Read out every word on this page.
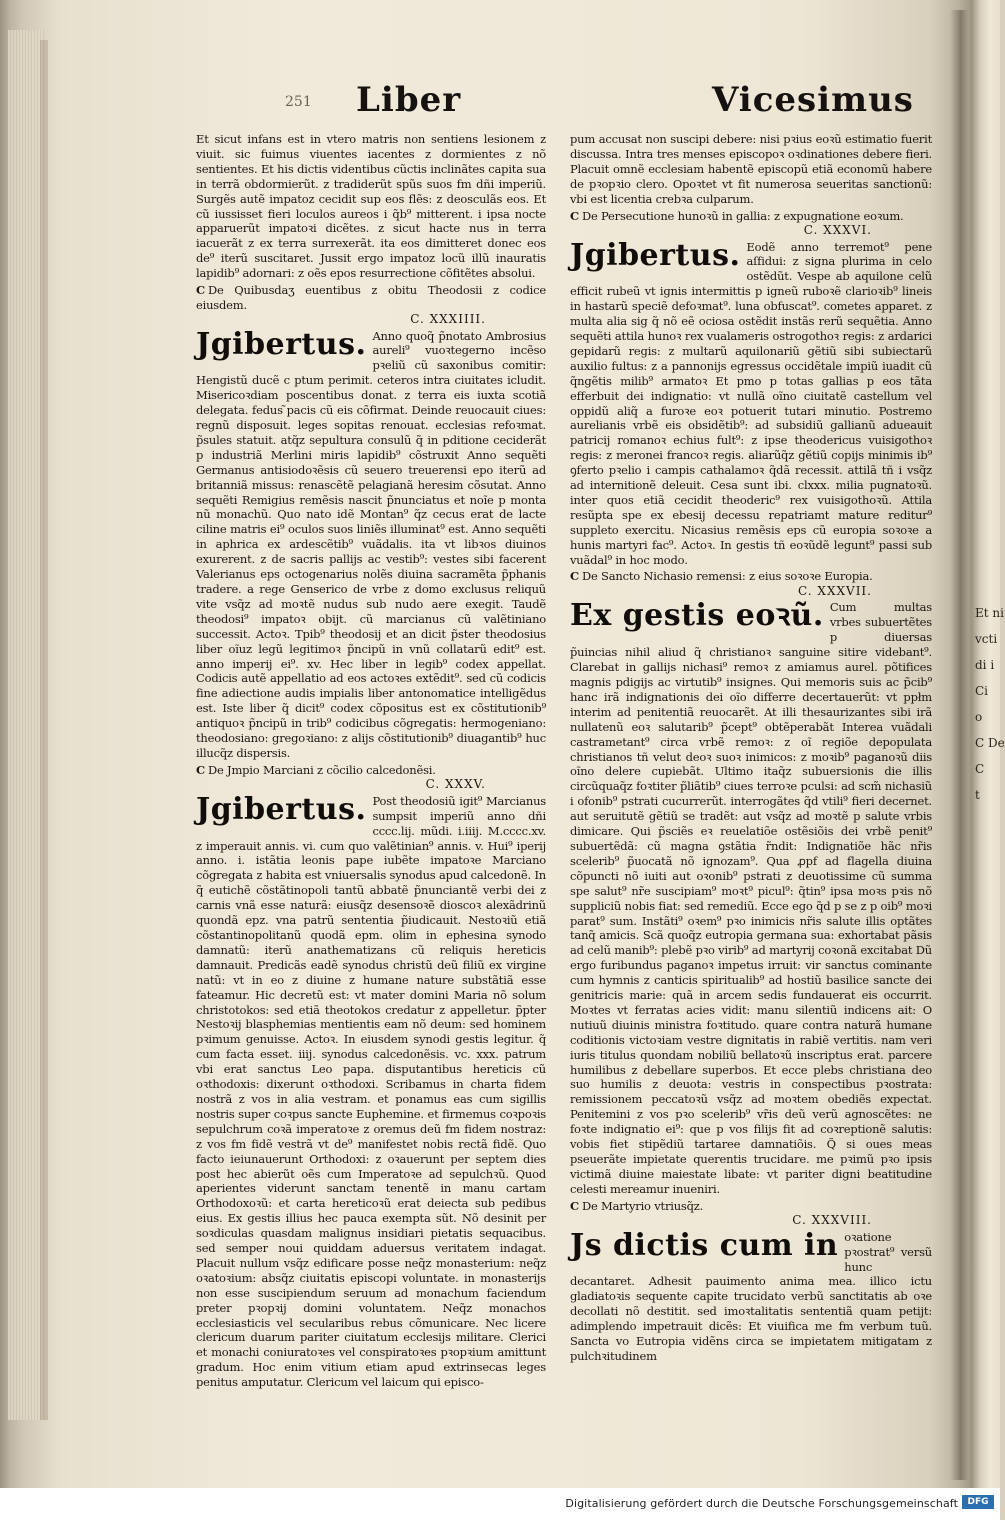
Et ni
vcti
di i
Ci
o
C De
C
t
251 Liber	Vicesimus

Et sicut infans est in vtero matris non sentiens lesionem z viuit. sic fuimus viuentes iacentes z dormientes z nõ sentientes. Et his dictis videntibus cũctis inclinãtes capita sua in terrã obdormierũt. z tradiderũt spũs suos fm dñi imperiũ. Surgẽs autẽ impatoz cecidit sup eos flẽs: z deosculãs eos. Et cũ iussisset fieri loculos aureos i q̃b⁹ mitterent. i ipsa nocte apparuerũt impatoꝛi dicẽtes. z sicut hacte nus in terra iacuerãt z ex terra surrexerãt. ita eos dimitteret donec eos de⁹ iterũ suscitaret. Jussit ergo impatoz locũ illũ inauratis lapidib⁹ adornari: z oẽs epos resurrectione cõfitẽtes absolui.

C De Quibusdaʒ euentibus z obitu Theodosii z codice eiusdem.
C. XXXIIII.
Jgibertus. Anno quoq̃ p̃notato Ambrosius aureli⁹ vuoꝛtegerno incẽso pꝛeliũ cũ saxonibus comitir: Hengistũ ducẽ c ptum perimit. ceteros intra ciuitates icludit. Misericoꝛdiam poscentibus donat. z terra eis iuxta scotiã delegata. fedus ̃pacis cũ eis cõfirmat. Deinde reuocauit ciues: regnũ disposuit. leges sopitas renouat. ecclesias refoꝛmat. p̃sules statuit. atq̃z sepultura consulũ q̃ in pditione ceciderãt p industriã Merlini miris lapidib⁹ cõstruxit Anno sequẽti Germanus antisiodoꝛẽsis cũ seuero treuerensi epo iterũ ad britanniã missus: renascẽtẽ pelagianã heresim cõsutat. Anno sequẽti Remigius remẽsis nascit p̃nunciatus et noĩe p monta nũ monachũ. Quo nato idẽ Montan⁹ q̃z cecus erat de lacte ciline matris ei⁹ oculos suos liniẽs illuminat⁹ est. Anno sequẽti in aphrica ex ardescẽtib⁹ vuãdalis. ita vt libꝛos diuinos exurerent. z de sacris pallijs ac vestib⁹: vestes sibi facerent Valerianus eps octogenarius nolẽs diuina sacramẽta p̃phanis tradere. a rege Genserico de vrbe z domo exclusus reliquũ vite vsq̃z ad moꝛtẽ nudus sub nudo aere exegit. Taudẽ theodosi⁹ impatoꝛ obijt. cũ marcianus cũ valẽtiniano successit. Actoꝛ. Tpib⁹ theodosij et an dicit p̃ster theodosius liber oĩuz legũ legitimoꝛ p̃ncipũ in vnũ collatarũ edit⁹ est. anno imperij ei⁹. xv. Hec liber in legib⁹ codex appellat. Codicis autẽ appellatio ad eos actoꝛes extẽdit⁹. sed cũ codicis fine adiectione audis impialis liber antonomatice intelligẽdus est. Iste liber q̃ dicit⁹ codex cõpositus est ex cõstitutionib⁹ antiquoꝛ p̃ncipũ in trib⁹ codicibus cõgregatis: hermogeniano: theodosiano: gregoꝛiano: z alijs cõstitutionib⁹ diuagantib⁹ huc illucq̃z dispersis.

C De Jmpio Marciani z cõcilio calcedonẽsi.
C. XXXV.
Jgibertus. Post theodosiũ igit⁹ Marcianus sumpsit imperiũ anno dñi cccc.lij. mũdi. i.iiij. M.cccc.xv. z imperauit annis. vi. cum quo valẽtinian⁹ annis. v. Hui⁹ iperij anno. i. istãtia leonis pape iubẽte impatoꝛe Marciano cõgregata z habita est vniuersalis synodus apud calcedonẽ. In q̃ eutichẽ cõstãtinopoli tantũ abbatẽ p̃nunciantẽ verbi dei z carnis vnã esse naturã: eiusq̃z desensoꝛẽ dioscoꝛ alexãdrinũ quondã epz. vna patrũ sententia p̃iudicauit. Nestoꝛiũ etiã cõstantinopolitanũ quodã epm. olim in ephesina synodo damnatũ: iterũ anathematizans cũ reliquis hereticis damnauit. Predicãs eadẽ synodus christũ deũ filiũ ex virgine natũ: vt in eo z diuine z humane nature substãtiã esse fateamur. Hic decretũ est: vt mater domini Maria nõ solum christotokos: sed etiã theotokos credatur z appelletur. p̃pter Nestoꝛij blasphemias mentientis eam nõ deum: sed hominem pꝛimum genuisse. Actoꝛ. In eiusdem synodi gestis legitur. q̃ cum facta esset. iiij. synodus calcedonẽsis. vc. xxx. patrum vbi erat sanctus Leo papa. disputantibus hereticis cũ oꝛthodoxis: dixerunt oꝛthodoxi. Scribamus in charta fidem nostrã z vos in alia vestram. et ponamus eas cum sigillis nostris super coꝛpus sancte Euphemine. et firmemus coꝛpoꝛis sepulchrum coꝛã imperatoꝛe z oremus deũ fm fidem nostraz: z vos fm fidẽ vestrã vt de⁹ manifestet nobis rectã fidẽ. Quo facto ieiunauerunt Orthodoxi: z oꝛauerunt per septem dies post hec abierũt oẽs cum Imperatoꝛe ad sepulchꝛũ. Quod aperientes viderunt sanctam tenentẽ in manu cartam Orthodoxoꝛũ: et carta hereticoꝛũ erat deiecta sub pedibus eius. Ex gestis illius hec pauca exempta sũt. Nõ desinit per soꝛdiculas quasdam malignus insidiari pietatis sequacibus. sed semper noui quiddam aduersus veritatem indagat. Placuit nullum vsq̃z edificare posse neq̃z monasterium: neq̃z oꝛatoꝛium: absq̃z ciuitatis episcopi voluntate. in monasterijs non esse suscipiendum seruum ad monachum faciendum preter pꝛopꝛij domini voluntatem. Neq̃z monachos ecclesiasticis vel secularibus rebus cõmunicare. Nec licere clericum duarum pariter ciuitatum ecclesijs militare. Clerici et monachi coniuratoꝛes vel conspiratoꝛes pꝛopꝛium amittunt gradum. Hoc enim vitium etiam apud extrinsecas leges penitus amputatur. Clericum vel laicum qui episco-

pum accusat non suscipi debere: nisi pꝛius eoꝛũ estimatio fuerit discussa. Intra tres menses episcopoꝛ oꝛdinationes debere fieri. Placuit omnẽ ecclesiam habentẽ episcopũ etiã economũ habere de pꝛopꝛio clero. Opoꝛtet vt fit numerosa seueritas sanctionũ: vbi est licentia crebꝛa culparum.

C De Persecutione hunoꝛũ in gallia: z expugnatione eoꝛum.
C. XXXVI.
Jgibertus. Eodẽ anno terremot⁹ pene aſfidui: z signa plurima in celo ostẽdũt. Vespe ab aquilone celũ efficit rubeũ vt ignis intermittis p igneũ ruboꝛẽ clarioꝛib⁹ lineis in hastarũ speciẽ defoꝛmat⁹. luna obfuscat⁹. cometes apparet. z multa alia sig q̃ nõ eẽ ociosa ostẽdit instãs rerũ sequẽtia. Anno sequẽti attila hunoꝛ rex vualameris ostrogothoꝛ regis: z ardarici gepidarũ regis: z multarũ aquilonariũ gẽtiũ sibi subiectarũ auxilio fultus: z a pannonijs egressus occidẽtale impiũ iuadit cũ q̃ngẽtis milib⁹ armatoꝛ Et pmo p totas gallias p eos tãta efferbuit dei indignatio: vt nullã oĩno ciuitatẽ castellum vel oppidũ aliq̃ a furoꝛe eoꝛ potuerit tutari minutio. Postremo aurelianis vrbẽ eis obsidẽtib⁹: ad subsidiũ gallianũ adueauit patricij romanoꝛ echius fult⁹: z ipse theodericus vuisigothoꝛ regis: z meronei francoꝛ regis. aliarũq̃z gẽtiũ copijs minimis ib⁹ ꝯferto pꝛelio i campis cathalamoꝛ q̃dã recessit. attilã tñ i vsq̃z ad internitionẽ deleuit. Cesa sunt ibi. clxxx. milia pugnatoꝛũ. inter quos etiã cecidit theoderic⁹ rex vuisigothoꝛũ. Attila resũpta spe ex ebesij decessu repatriamt mature reditur⁹ suppleto exercitu. Nicasius remẽsis eps cũ europia soꝛoꝛe a hunis martyri fac⁹. Actoꝛ. In gestis tñ eoꝛũdẽ legunt⁹ passi sub vuãdal⁹ in hoc modo.

C De Sancto Nichasio remensi: z eius soꝛoꝛe Europia.
C. XXXVII.
Ex gestis eoꝛũ. Cum multas vrbes subuertẽtes p diuersas p̃uincias nihil aliud q̃ christianoꝛ sanguine sitire videbant⁹. Clarebat in gallijs nichasi⁹ remoꝛ z amiamus aurel. põtifices magnis pdigijs ac virtutib⁹ insignes. Qui memoris suis ac p̃cib⁹ hanc irã indignationis dei oĩo differre decertauerũt: vt ppłm interim ad penitentiã reuocarẽt. At illi thesaurizantes sibi irã nullatenũ eoꝛ salutarib⁹ p̃cept⁹ obtẽperabãt Interea vuãdali castrametant⁹ circa vrbẽ remoꝛ: z oĩ regiõe depopulata christianos tñ velut deoꝛ suoꝛ inimicos: z moꝛib⁹ paganoꝛũ diis oĩno delere cupiebãt. Ultimo itaq̃z subuersionis die illis circũquaq̃z foꝛtiter p̃liãtib⁹ ciues terroꝛe pculsi: ad scm̃ nichasiũ i ofonib⁹ pstrati cucurrerũt. interrogãtes q̃d vtili⁹ fieri decernet. aut seruitutẽ gẽtiũ se tradẽt: aut vsq̃z ad moꝛtẽ p salute vrbis dimicare. Qui p̃sciẽs eꝛ reuelatiõe ostẽsiõis dei vrbẽ penit⁹ subuertẽdã: cũ magna ꝯstãtia r̃ndit: Indignatiõe hãc nr̃is scelerib⁹ p̃uocatã nõ ignozam⁹. Qua ꝓpf ad flagella diuina cõpuncti nõ iuiti aut oꝛonib⁹ pstrati z deuotissime cũ summa spe salut⁹ nr̃e suscipiam⁹ moꝛt⁹ picul⁹: q̃tin⁹ ipsa moꝛs pꝛis nõ suppliciũ nobis fiat: sed remediũ. Ecce ego q̃d p se z p oib⁹ moꝛi parat⁹ sum. Instãti⁹ oꝛem⁹ pꝛo inimicis nr̃is salute illis optãtes tanq̃ amicis. Scã quoq̃z eutropia germana sua: exhortabat pãsis ad celũ manib⁹: plebẽ pꝛo virib⁹ ad martyrij coꝛonã excitabat Dũ ergo furibundus paganoꝛ impetus irruit: vir sanctus cominante cum hymnis z canticis spiritualib⁹ ad hostiũ basilice sancte dei genitricis marie: quã in arcem sedis fundauerat eis occurrit. Moꝛtes vt ferratas acies vidit: manu silentiũ indicens ait: O nutiuũ diuinis ministra foꝛtitudo. quare contra naturã humane coditionis victoꝛiam vestre dignitatis in rabiẽ vertitis. nam veri iuris titulus quondam nobiliũ bellatoꝛũ inscriptus erat. parcere humilibus z debellare superbos. Et ecce plebs christiana deo suo humilis z deuota: vestris in conspectibus pꝛostrata: remissionem peccatoꝛũ vsq̃z ad moꝛtem obediẽs expectat. Penitemini z vos pꝛo scelerib⁹ vr̃is deũ verũ agnoscẽtes: ne foꝛte indignatio ei⁹: que p vos filijs fit ad coꝛreptionẽ salutis: vobis fiet stipẽdiũ tartaree damnatiõis. Q̃ si oues meas pseuerãte impietate querentis trucidare. me pꝛimũ pꝛo ipsis victimã diuine maiestate libate: vt pariter digni beatitudine celesti mereamur inueniri.

C De Martyrio vtriusq̃z.
C. XXXVIII.
Js dictis cum in oꝛatione pꝛostrat⁹ versũ hunc decantaret. Adhesit pauimento anima mea. illico ictu gladiatoꝛis sequente capite trucidato verbũ sanctitatis ab oꝛe decollati nõ destitit. sed imoꝛtalitatis sententiã quam petijt: adimplendo impetrauit dicẽs: Et viuifica me fm verbum tuũ. Sancta vo Eutropia vidẽns circa se impietatem mitigatam z pulchꝛitudinem

Digitalisierung gefördert durch die Deutsche Forschungsgemeinschaft	DFG
